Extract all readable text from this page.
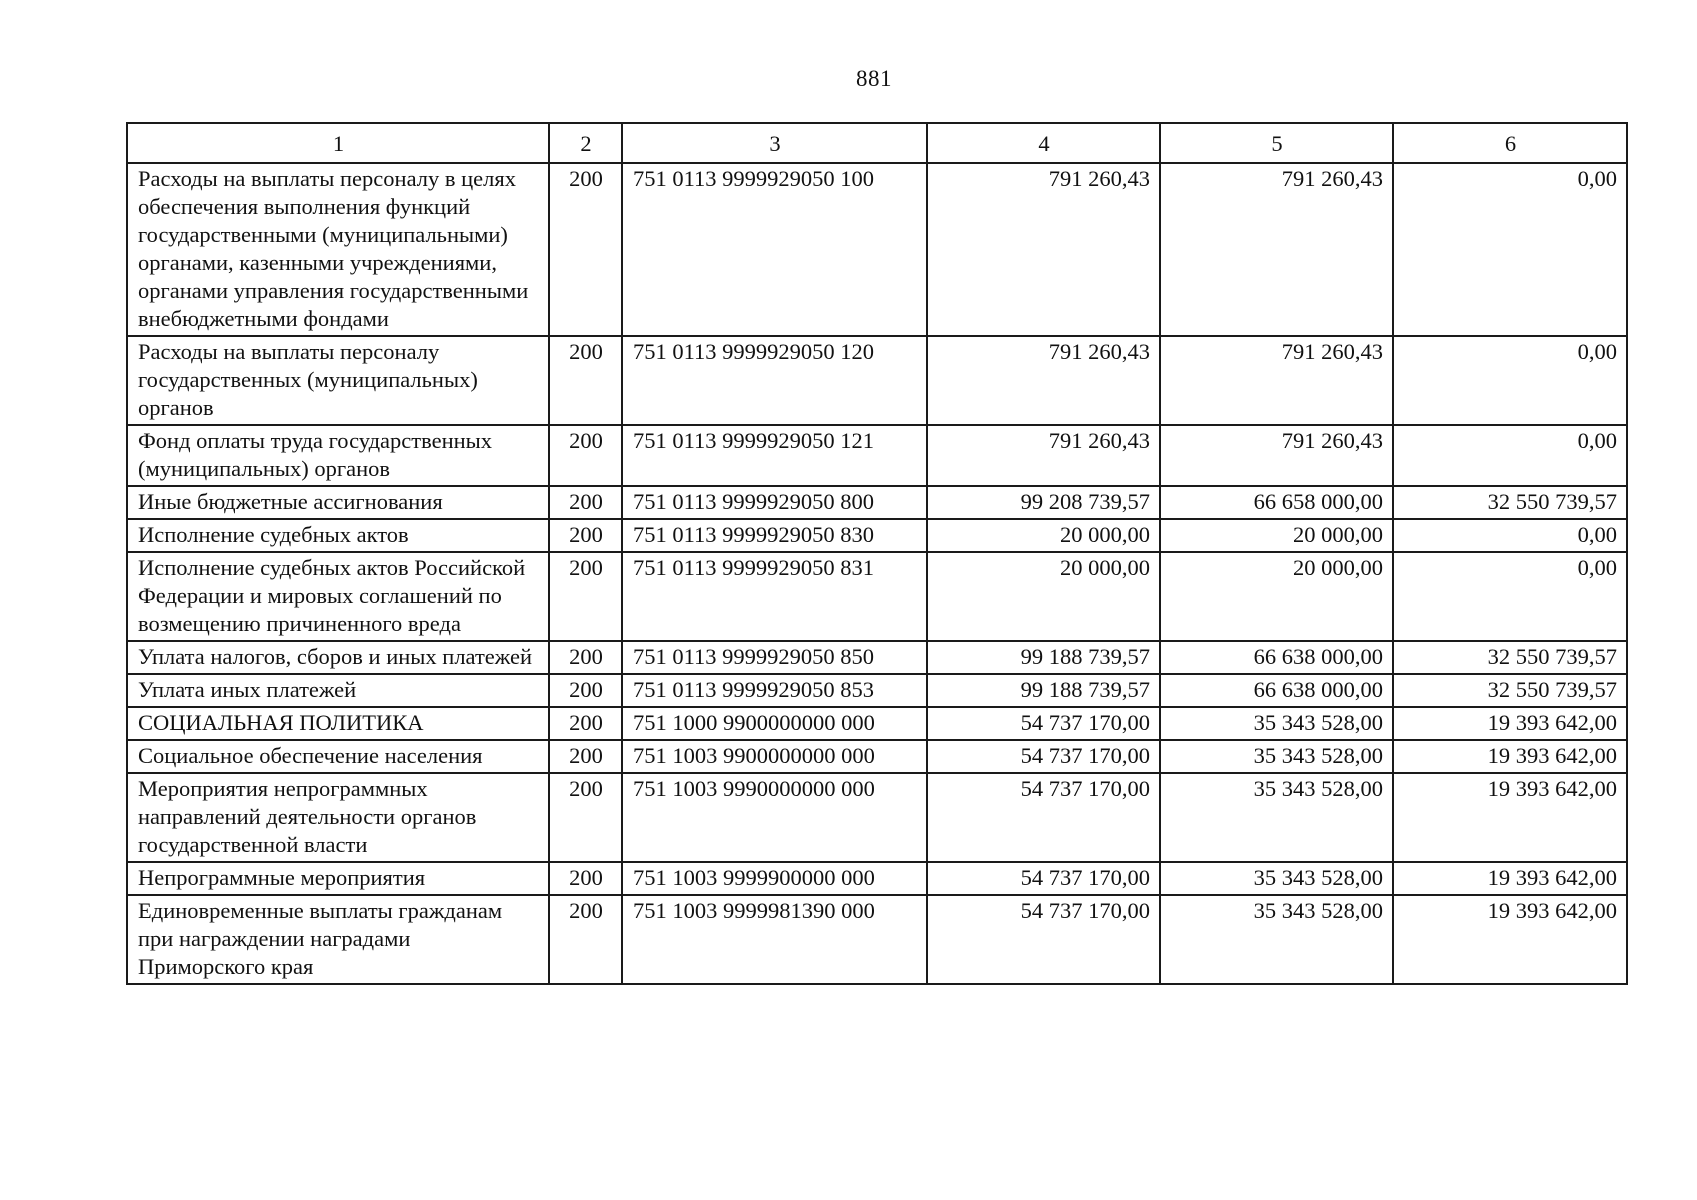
881
1	2	3	4	5	6
Расходы на выплаты персоналу в целях обеспечения выполнения функций государственными (муниципальными) органами, казенными учреждениями, органами управления государственными внебюджетными фондами	200	751 0113 9999929050 100	791 260,43	791 260,43	0,00
Расходы на выплаты персоналу государственных (муниципальных) органов	200	751 0113 9999929050 120	791 260,43	791 260,43	0,00
Фонд оплаты труда государственных (муниципальных) органов	200	751 0113 9999929050 121	791 260,43	791 260,43	0,00
Иные бюджетные ассигнования	200	751 0113 9999929050 800	99 208 739,57	66 658 000,00	32 550 739,57
Исполнение судебных актов	200	751 0113 9999929050 830	20 000,00	20 000,00	0,00
Исполнение судебных актов Российской Федерации и мировых соглашений по возмещению причиненного вреда	200	751 0113 9999929050 831	20 000,00	20 000,00	0,00
Уплата налогов, сборов и иных платежей	200	751 0113 9999929050 850	99 188 739,57	66 638 000,00	32 550 739,57
Уплата иных платежей	200	751 0113 9999929050 853	99 188 739,57	66 638 000,00	32 550 739,57
СОЦИАЛЬНАЯ ПОЛИТИКА	200	751 1000 9900000000 000	54 737 170,00	35 343 528,00	19 393 642,00
Социальное обеспечение населения	200	751 1003 9900000000 000	54 737 170,00	35 343 528,00	19 393 642,00
Мероприятия непрограммных направлений деятельности органов государственной власти	200	751 1003 9990000000 000	54 737 170,00	35 343 528,00	19 393 642,00
Непрограммные мероприятия	200	751 1003 9999900000 000	54 737 170,00	35 343 528,00	19 393 642,00
Единовременные выплаты гражданам при награждении наградами Приморского края	200	751 1003 9999981390 000	54 737 170,00	35 343 528,00	19 393 642,00
